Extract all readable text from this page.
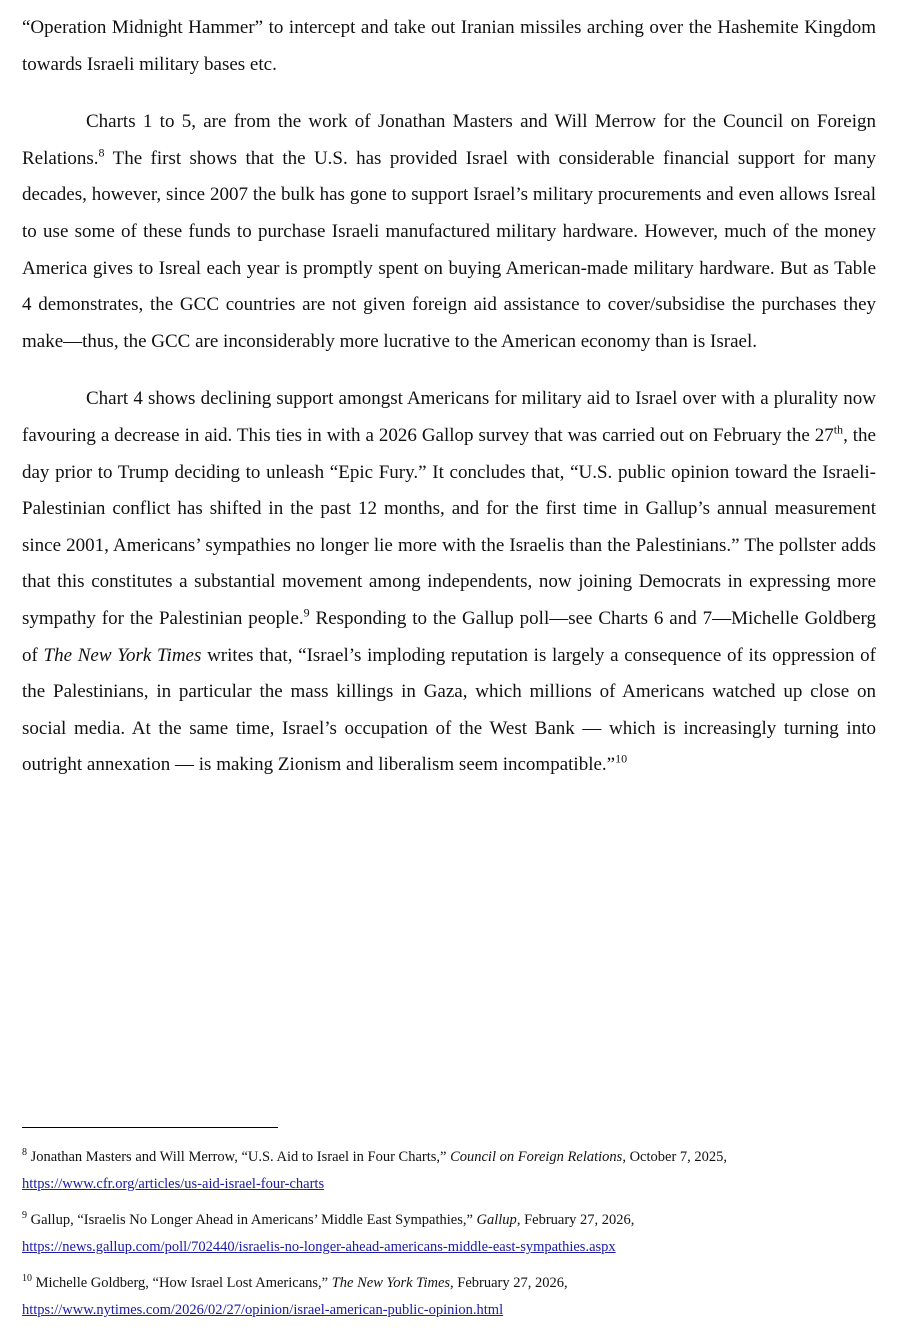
“Operation Midnight Hammer” to intercept and take out Iranian missiles arching over the Hashemite Kingdom towards Israeli military bases etc.

Charts 1 to 5, are from the work of Jonathan Masters and Will Merrow for the Council on Foreign Relations.$^8$ The first shows that the U.S. has provided Israel with considerable financial support for many decades, however, since 2007 the bulk has gone to support Israel’s military procurements and even allows Isreal to use some of these funds to purchase Israeli manufactured military hardware. However, much of the money America gives to Isreal each year is promptly spent on buying American-made military hardware. But as Table 4 demonstrates, the GCC countries are not given foreign aid assistance to cover/subsidise the purchases they make—thus, the GCC are inconsiderably more lucrative to the American economy than is Israel.

Chart 4 shows declining support amongst Americans for military aid to Israel over with a plurality now favouring a decrease in aid. This ties in with a 2026 Gallop survey that was carried out on February the 27th, the day prior to Trump deciding to unleash “Epic Fury.” It concludes that, “U.S. public opinion toward the Israeli-Palestinian conflict has shifted in the past 12 months, and for the first time in Gallup’s annual measurement since 2001, Americans’ sympathies no longer lie more with the Israelis than the Palestinians.” The pollster adds that this constitutes a substantial movement among independents, now joining Democrats in expressing more sympathy for the Palestinian people.$^9$ Responding to the Gallup poll—see Charts 6 and 7—Michelle Goldberg of The New York Times writes that, “Israel’s imploding reputation is largely a consequence of its oppression of the Palestinians, in particular the mass killings in Gaza, which millions of Americans watched up close on social media. At the same time, Israel’s occupation of the West Bank — which is increasingly turning into outright annexation — is making Zionism and liberalism seem incompatible.”$^{10}$

$^8$ Jonathan Masters and Will Merrow, “U.S. Aid to Israel in Four Charts,” Council on Foreign Relations, October 7, 2025,
https://www.cfr.org/articles/us-aid-israel-four-charts
$^9$ Gallup, “Israelis No Longer Ahead in Americans’ Middle East Sympathies,” Gallup, February 27, 2026,
https://news.gallup.com/poll/702440/israelis-no-longer-ahead-americans-middle-east-sympathies.aspx
$^{10}$ Michelle Goldberg, “How Israel Lost Americans,” The New York Times, February 27, 2026,
https://www.nytimes.com/2026/02/27/opinion/israel-american-public-opinion.html
